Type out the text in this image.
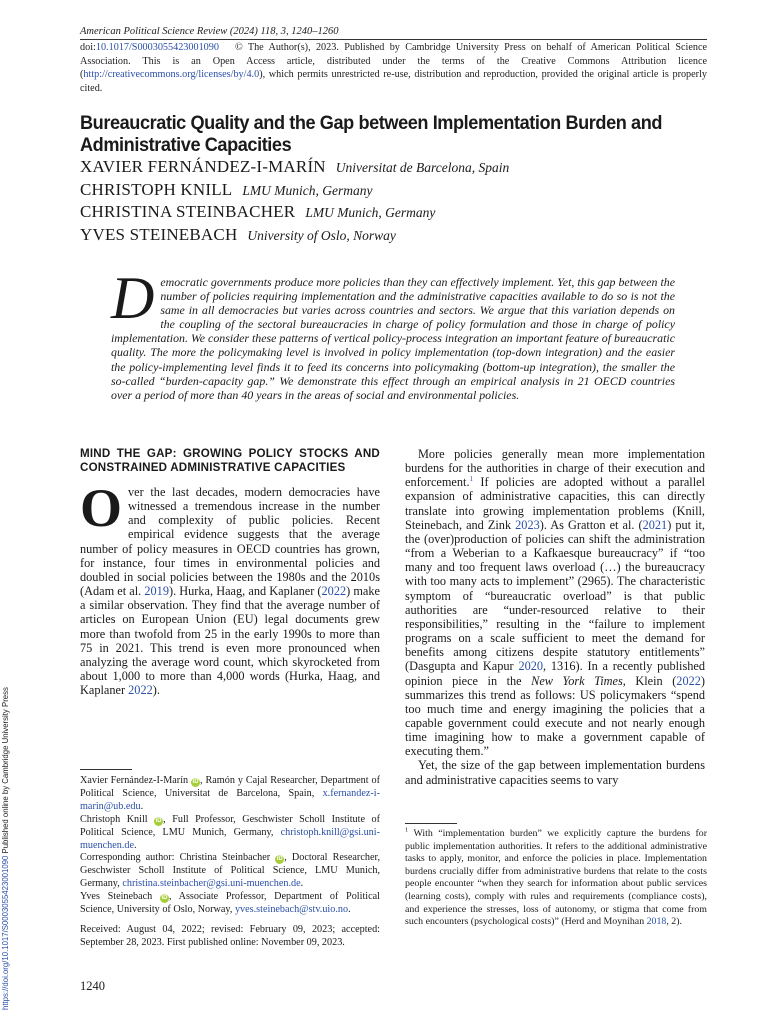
American Political Science Review (2024) 118, 3, 1240–1260
doi:10.1017/S0003055423001090 © The Author(s), 2023. Published by Cambridge University Press on behalf of American Political Science Association. This is an Open Access article, distributed under the terms of the Creative Commons Attribution licence (http://creativecommons.org/licenses/by/4.0), which permits unrestricted re-use, distribution and reproduction, provided the original article is properly cited.
Bureaucratic Quality and the Gap between Implementation Burden and Administrative Capacities
XAVIER FERNÁNDEZ-I-MARÍN Universitat de Barcelona, Spain
CHRISTOPH KNILL LMU Munich, Germany
CHRISTINA STEINBACHER LMU Munich, Germany
YVES STEINEBACH University of Oslo, Norway
Democratic governments produce more policies than they can effectively implement. Yet, this gap between the number of policies requiring implementation and the administrative capacities available to do so is not the same in all democracies but varies across countries and sectors. We argue that this variation depends on the coupling of the sectoral bureaucracies in charge of policy formulation and those in charge of policy implementation. We consider these patterns of vertical policy-process integration an important feature of bureaucratic quality. The more the policymaking level is involved in policy implementation (top-down integration) and the easier the policy-implementing level finds it to feed its concerns into policymaking (bottom-up integration), the smaller the so-called “burden-capacity gap.” We demonstrate this effect through an empirical analysis in 21 OECD countries over a period of more than 40 years in the areas of social and environmental policies.
MIND THE GAP: GROWING POLICY STOCKS AND CONSTRAINED ADMINISTRATIVE CAPACITIES

Over the last decades, modern democracies have witnessed a tremendous increase in the number and complexity of public policies. Recent empirical evidence suggests that the average number of policy measures in OECD countries has grown, for instance, four times in environmental policies and doubled in social policies between the 1980s and the 2010s (Adam et al. 2019). Hurka, Haag, and Kaplaner (2022) make a similar observation. They find that the average number of articles on European Union (EU) legal documents grew more than twofold from 25 in the early 1990s to more than 75 in 2021. This trend is even more pronounced when analyzing the average word count, which skyrocketed from about 1,000 to more than 4,000 words (Hurka, Haag, and Kaplaner 2022).

More policies generally mean more implementation burdens for the authorities in charge of their execution and enforcement.$^1$ If policies are adopted without a parallel expansion of administrative capacities, this can directly translate into growing implementation problems (Knill, Steinebach, and Zink 2023). As Gratton et al. (2021) put it, the (over)production of policies can shift the administration “from a Weberian to a Kafkaesque bureaucracy” if “too many and too frequent laws overload (…) the bureaucracy with too many acts to implement” (2965). The characteristic symptom of “bureaucratic overload” is that public authorities are “under-resourced relative to their responsibilities,” resulting in the “failure to implement programs on a scale sufficient to meet the demand for benefits among citizens despite statutory entitlements” (Dasgupta and Kapur 2020, 1316). In a recently published opinion piece in the New York Times, Klein (2022) summarizes this trend as follows: US policymakers “spend too much time and energy imagining the policies that a capable government could execute and not nearly enough time imagining how to make a government capable of executing them.”

Yet, the size of the gap between implementation burdens and administrative capacities seems to vary

Xavier Fernández-I-Marín iD , Ramón y Cajal Researcher, Department of Political Science, Universitat de Barcelona, Spain, x.fernandez-i-marin@ub.edu.

Christoph Knill iD , Full Professor, Geschwister Scholl Institute of Political Science, LMU Munich, Germany, christoph.knill@gsi.uni-muenchen.de.

Corresponding author: Christina Steinbacher iD , Doctoral Researcher, Geschwister Scholl Institute of Political Science, LMU Munich, Germany, christina.steinbacher@gsi.uni-muenchen.de.

Yves Steinebach iD , Associate Professor, Department of Political Science, University of Oslo, Norway, yves.steinebach@stv.uio.no.

Received: August 04, 2022; revised: February 09, 2023; accepted: September 28, 2023. First published online: November 09, 2023.

$^1$ With “implementation burden” we explicitly capture the burdens for public implementation authorities. It refers to the additional administrative tasks to apply, monitor, and enforce the policies in place. Implementation burdens crucially differ from administrative burdens that relate to the costs people encounter “when they search for information about public services (learning costs), comply with rules and requirements (compliance costs), and experience the stresses, loss of autonomy, or stigma that come from such encounters (psychological costs)” (Herd and Moynihan 2018, 2).
1240
https://doi.org/10.1017/S0003055423001090 Published online by Cambridge University Press
